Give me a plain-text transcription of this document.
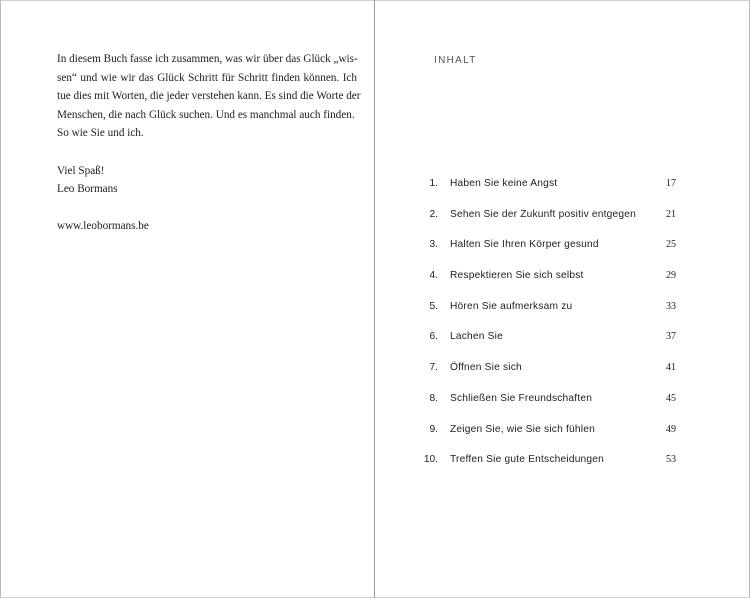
In diesem Buch fasse ich zusammen, was wir über das Glück „wis-
sen“ und wie wir das Glück Schritt für Schritt finden können. Ich
tue dies mit Worten, die jeder verstehen kann. Es sind die Worte der
Menschen, die nach Glück suchen. Und es manchmal auch finden.
So wie Sie und ich.
Viel Spaß!
Leo Bormans
www.leobormans.be
INHALT
1. Haben Sie keine Angst	17
2. Sehen Sie der Zukunft positiv entgegen	21
3. Halten Sie Ihren Körper gesund	25
4. Respektieren Sie sich selbst	29
5. Hören Sie aufmerksam zu	33
6. Lachen Sie	37
7. Öffnen Sie sich	41
8. Schließen Sie Freundschaften	45
9. Zeigen Sie, wie Sie sich fühlen	49
10. Treffen Sie gute Entscheidungen	53
